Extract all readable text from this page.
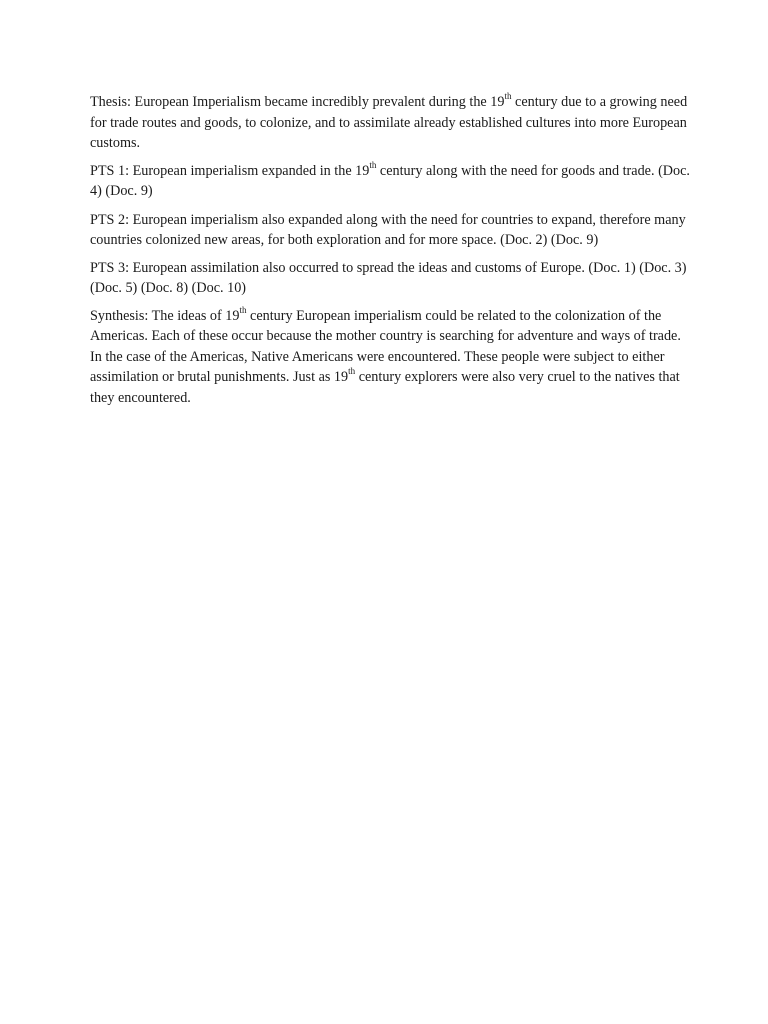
Thesis: European Imperialism became incredibly prevalent during the 19th century due to a growing need for trade routes and goods, to colonize, and to assimilate already established cultures into more European customs.

PTS 1: European imperialism expanded in the 19th century along with the need for goods and trade. (Doc. 4) (Doc. 9)

PTS 2: European imperialism also expanded along with the need for countries to expand, therefore many countries colonized new areas, for both exploration and for more space. (Doc. 2) (Doc. 9)

PTS 3: European assimilation also occurred to spread the ideas and customs of Europe. (Doc. 1) (Doc. 3) (Doc. 5) (Doc. 8) (Doc. 10)

Synthesis: The ideas of 19th century European imperialism could be related to the colonization of the Americas. Each of these occur because the mother country is searching for adventure and ways of trade. In the case of the Americas, Native Americans were encountered. These people were subject to either assimilation or brutal punishments. Just as 19th century explorers were also very cruel to the natives that they encountered.
